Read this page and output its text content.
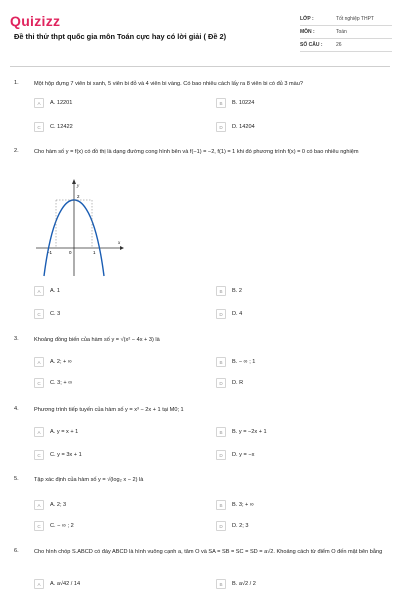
Quizizz
Đề thi thử thpt quốc gia môn Toán cực hay có lời giải ( Đề 2)
LỚP :	Tốt nghiệp THPT
MÔN :	Toán
SỐ CÂU :	26
1.	Một hộp đựng 7 viên bi xanh, 5 viên bi đỏ và 4 viên bi vàng. Có bao nhiêu cách lấy ra 8 viên bi có đủ 3 màu?
A	A. 12201	B	B. 10224
C	C. 12422	D	D. 14204
2.	Cho hàm số y = f(x) có đồ thị là dạng đường cong hình bên và f(−1) = −2, f(1) = 1 khi đó phương trình f(x) = 0 có bao nhiêu nghiệm
y
x
0
2
-1	1
A	A. 1	B	B. 2
C	C. 3	D	D. 4
3.	Khoảng đồng biến của hàm số y = √(x² − 4x + 3) là
A	A. 2; + ∞	B	B. − ∞ ; 1
C	C. 3; + ∞	D	D. R
4.	Phương trình tiếp tuyến của hàm số y = x³ − 2x + 1 tại M0; 1
A	A. y = x + 1	B	B. y = −2x + 1
C	C. y = 3x + 1	D	D. y = −x
5.	Tập xác định của hàm số y = √(log₂ x − 2) là
A	A. 2; 3	B	B. 3; + ∞
C	C. − ∞ ; 2	D	D. 2; 3
6.	Cho hình chóp S.ABCD có đáy ABCD là hình vuông cạnh a, tâm O và SA = SB = SC = SD = a√2. Khoảng cách từ điểm O đến mặt bên bằng
A	A. a√42 / 14	B	B. a√2 / 2
